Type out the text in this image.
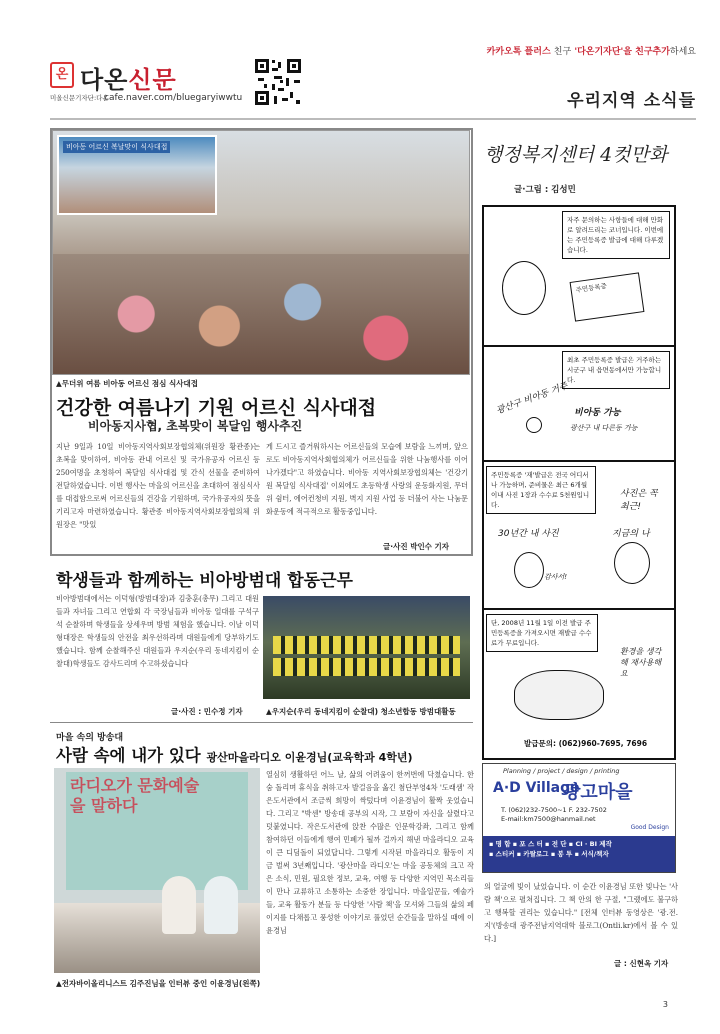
카카오톡 플러스 친구 '다온기자단'을 친구추가하세요
온 다온신문
미올신문기자단:다온
cafe.naver.com/bluegaryiwwtu	우리지역 소식들
비아동 어르신 복날맞이 식사대접
▲무더위 여름 비아동 어르신 점심 식사대접
건강한 여름나기 기원 어르신 식사대접
비아동지사협, 초복맞이 복달임 행사추진
지난 9일과 10일 비아동지역사회보장협의체(위원장 황관종)는 초복을 맞이하여, 비아동 관내 어르신 및 국가유공자 어르신 등 250여명을 초청하여 복달임 식사대접 및 간식 선물을 준비하여 전달하였습니다. 이번 행사는 마을의 어르신을 초대하여 점심식사를 대접함으로써 어르신들의 건강을 기원하며, 국가유공자의 뜻을 기리고자 마련하였습니다. 황관종 비아동지역사회보장협의체 위원장은 "맛있
게 드시고 즐거워하시는 어르신들의 모습에 보람을 느끼며, 앞으로도 비아동지역사회협의체가 어르신들을 위한 나눔행사를 이어 나가겠다"고 하였습니다. 비아동 지역사회보장협의체는 '건강기원 복달임 식사대접' 이외에도 초등학생 사랑의 운동화지원, 무더위 쉼터, 에어컨청비 지원, 벽지 지원 사업 등 더불어 사는 나눔문화운동에 적극적으로 활동중입니다.
글·사진 박인수 기자
학생들과 함께하는 비아방범대 합동근무
비아방범대에서는 이덕형(방범대장)과 김충훈(총무) 그리고 대원들과 자녀들 그리고 연합회 각 국장님들과 비아동 일대를 구석구석 순찰하며 학생들을 상세우며 방범 체험을 했습니다. 이날 이덕형대장은 학생들의 안전을 최우선하라며 대원들에게 당부하기도 했습니다. 함께 순찰해주신 대원들과 우지순(우리 동네지킴이 순찰대)학생들도 감사드리며 수고하셨습니다
글·사진 : 민수정 기자	▲우지순(우리 동네지킴이 순찰대) 청소년합동 방범대활동
마을 속의 방송대
사람 속에 내가 있다 광산마을라디오 이윤경님(교육학과 4학년)
라디오가 문화예술을 말하다
▲전자바이올리니스트 김주진님을 인터뷰 중인 이윤경님(왼쪽)
열심히 생활하던 어느 날, 삶의 어려움이 한꺼번에 닥쳤습니다. 한숨 돌리며 휴식을 취하고자 발걸음을 옮긴 첨단부영4차 '도래샘' 작은도서관에서 조금씩 희망이 싹텄다며 이윤경님이 활짝 웃었습니다. 그리고 "박센" 방송대 공부의 시작, 그 보람이 자신을 살렸다고 덧붙였니다. 작은도서관에 앉찬 수많은 인문학강좌, 그리고 함께 참여하던 이들에게 행여 민폐가 될까 걸까지 해낸 마을라디오 교육이 큰 디딤돌이 되었답니다. 그렇게 시작된 마을라디오 활동이 지금 벌써 3년째입니다. '광산마을 라디오'는 마을 공동체의 크고 작은 소식, 민원, 필요한 정보, 교육, 여행 등 다양한 지역민 목소리들이 만나 교류하고 소통하는 소중한 장입니다. 마을일꾼들, 예술가들, 교육 활동가 분들 등 다양한 '사람 책'을 모셔와 그들의 삶의 페이지를 다채롭고 풍성한 이야기로 풀었던 순간들을 말하실 때에 이윤경님
의 얼굴에 빛이 났었습니다. 이 순간 이윤경님 또한 빛나는 '사람 책'으로 펼쳐집니다. 그 책 안의 한 구절, "그랬에도 불구하고 행복할 권리는 있습니다." [전체 인터뷰 동영상은 '광.전.지'(방송대 광주전남지역대학 블로그(Ontli.kr)에서 볼 수 있다.]
글 : 신현옥 기자
행정복지센터 4컷만화
글·그림 : 김성민
자주 문의하는 사항들에 대해 만화로 알려드리는 코너입니다. 이번에는 주민등록증 발급에 대해 다루겠습니다.
주민등록증
최초 주민등록증 발급은 거주하는 시군구 내 읍면동에서만 가능합니다.
광산구 비아동 거주 비아동 가능
광산구 내 다른동 가능
주민등록증 '재'발급은 전국 어디서나 가능하며, 준비물은 최근 6개월 이내 사진 1장과 수수료 5천원입니다.
사진은 꼭 최근!
30년간 내 사진	지금의 나
감사서!
단, 2008년 11월 1일 이전 발급 주민등록증을 가져오시면 재발급 수수료가 무료입니다.
환경을 생각해 재사용해요
발급문의: (062)960-7695, 7696
Planning / project / design / printing
A·D Village
광고마을
T. (062)232-7500~1 F. 232-7502
E-mail:km7500@hanmail.net
Good Design
▪ 명 함 ▪ 포 스 터 ▪ 전 단 ▪ CI · BI 제작
▪ 스티커 ▪ 카탈로그 ▪ 봉 투 ▪ 서식/책자
3
